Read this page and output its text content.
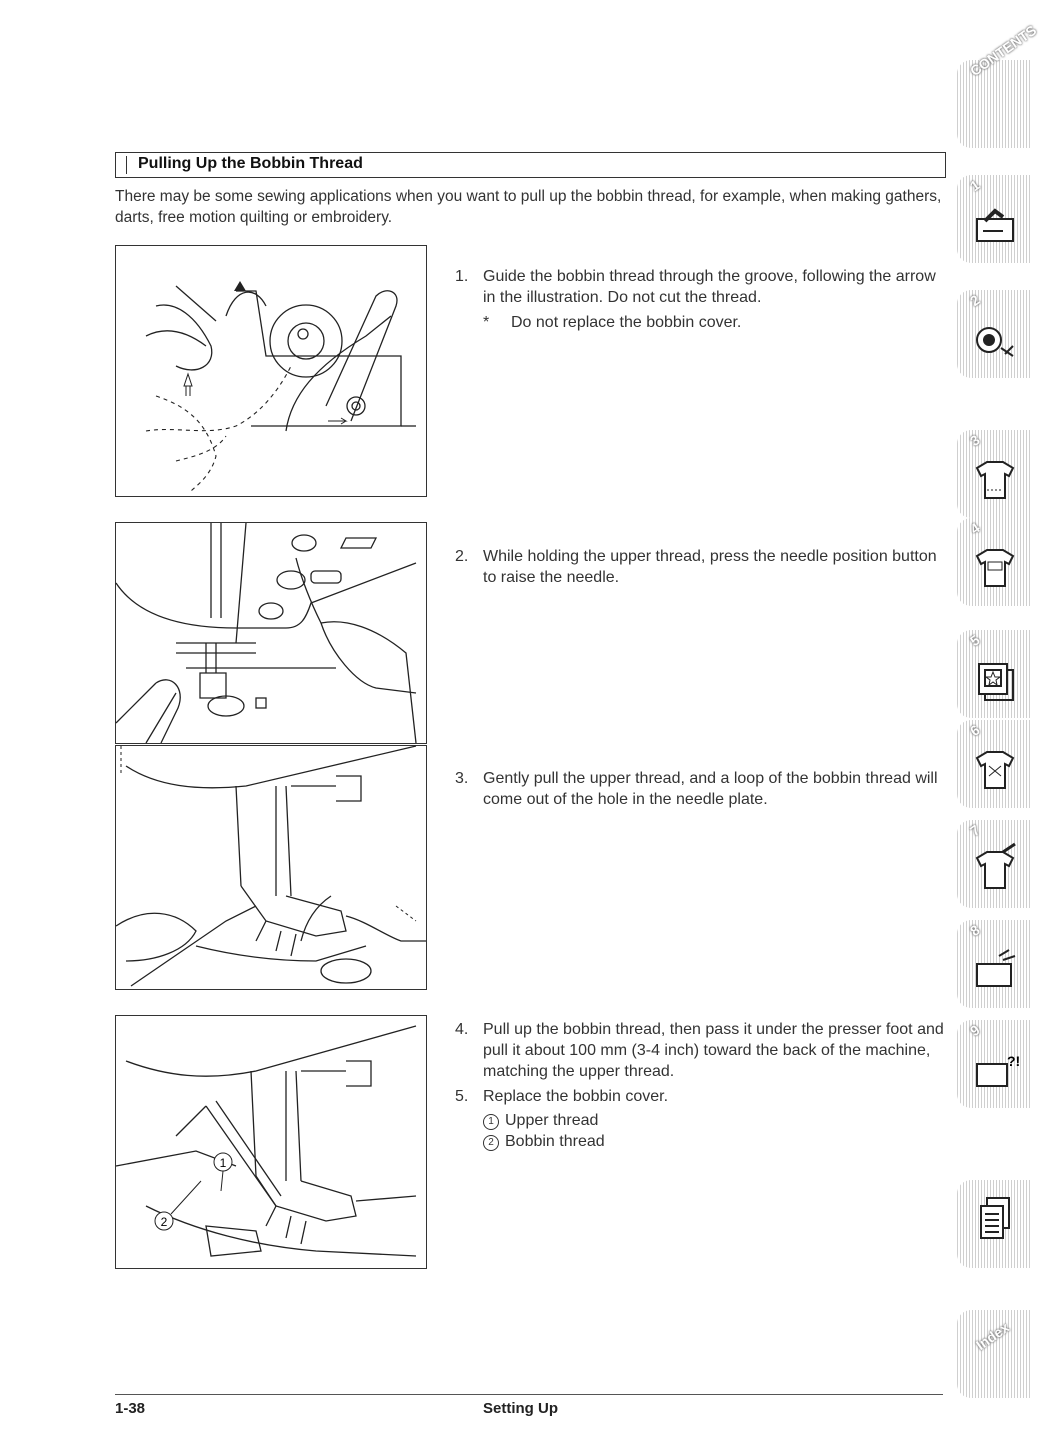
Pulling Up the Bobbin Thread
There may be some sewing applications when you want to pull up the bobbin thread, for example, when making gathers, darts, free motion quilting or embroidery.
1
2
1. Guide the bobbin thread through the groove, following the arrow in the illustration. Do not cut the thread.
* Do not replace the bobbin cover.
2. While holding the upper thread, press the needle position button to raise the needle.
3. Gently pull the upper thread, and a loop of the bobbin thread will come out of the hole in the needle plate.
4. Pull up the bobbin thread, then pass it under the presser foot and pull it about 100 mm (3-4 inch) toward the back of the machine, matching the upper thread.
5. Replace the bobbin cover.
1 Upper thread
2 Bobbin thread
CONTENTS
1
2
3
4
5
6
7
8
9
?!
Index
1-38	Setting Up
